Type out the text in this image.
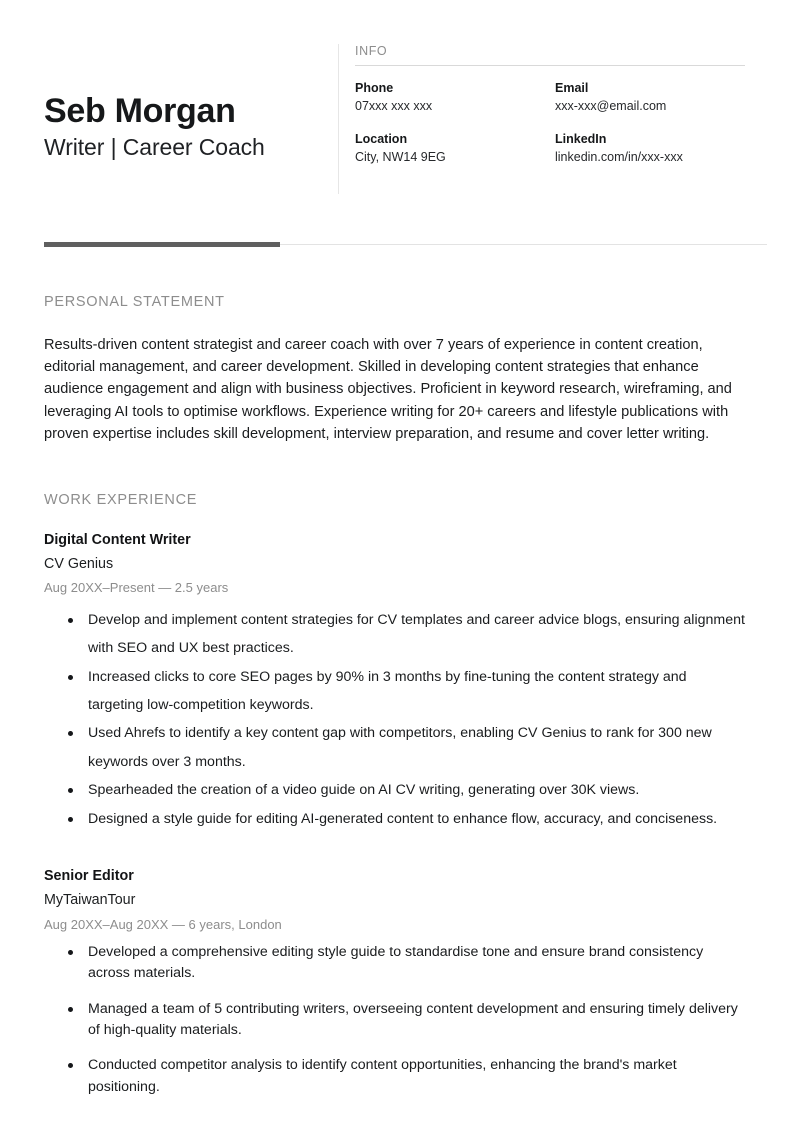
Seb Morgan
Writer | Career Coach
INFO
Phone
07xxx xxx xxx
Email
xxx-xxx@email.com
Location
City, NW14 9EG
LinkedIn
linkedin.com/in/xxx-xxx
PERSONAL STATEMENT

Results-driven content strategist and career coach with over 7 years of experience in content creation, editorial management, and career development. Skilled in developing content strategies that enhance audience engagement and align with business objectives. Proficient in keyword research, wireframing, and leveraging AI tools to optimise workflows. Experience writing for 20+ careers and lifestyle publications with proven expertise includes skill development, interview preparation, and resume and cover letter writing.

WORK EXPERIENCE
Digital Content Writer
CV Genius
Aug 20XX–Present — 2.5 years
Develop and implement content strategies for CV templates and career advice blogs, ensuring alignment with SEO and UX best practices.
Increased clicks to core SEO pages by 90% in 3 months by fine-tuning the content strategy and targeting low-competition keywords.
Used Ahrefs to identify a key content gap with competitors, enabling CV Genius to rank for 300 new keywords over 3 months.
Spearheaded the creation of a video guide on AI CV writing, generating over 30K views.
Designed a style guide for editing AI-generated content to enhance flow, accuracy, and conciseness.
Senior Editor
MyTaiwanTour
Aug 20XX–Aug 20XX — 6 years, London
Developed a comprehensive editing style guide to standardise tone and ensure brand consistency across materials.
Managed a team of 5 contributing writers, overseeing content development and ensuring timely delivery of high-quality materials.
Conducted competitor analysis to identify content opportunities, enhancing the brand's market positioning.
